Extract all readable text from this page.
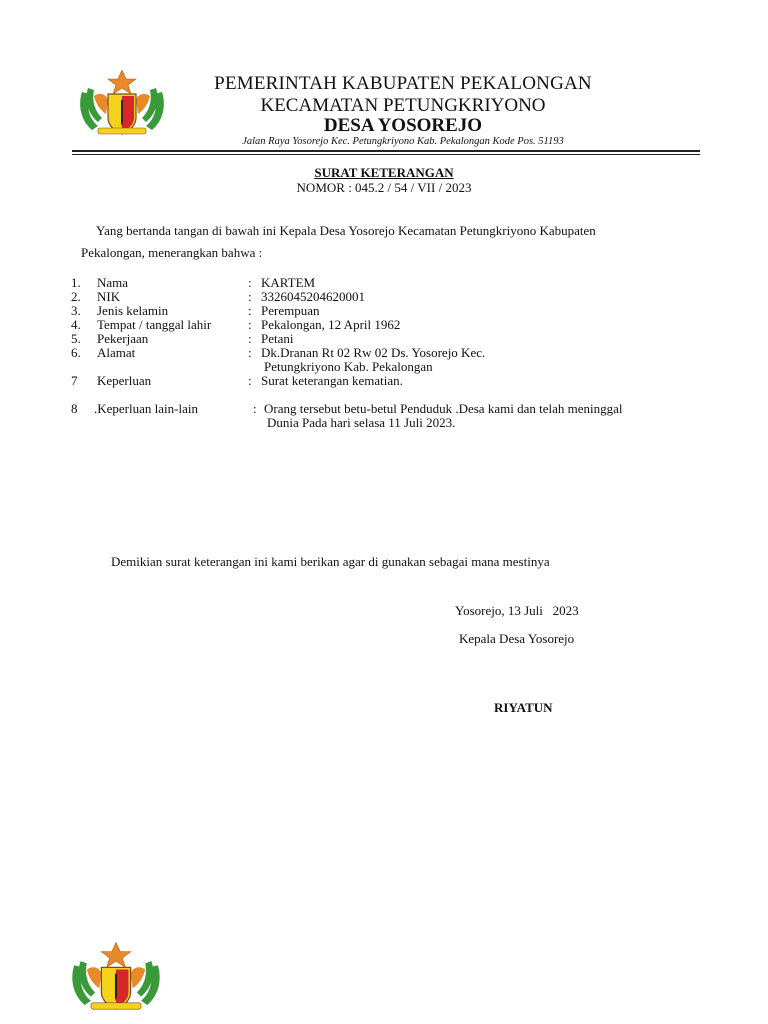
PEMERINTAH KABUPATEN PEKALONGAN
KECAMATAN PETUNGKRIYONO
DESA YOSOREJO
Jalan Raya Yosorejo Kec. Petungkriyono Kab. Pekalongan Kode Pos. 51193
SURAT KETERANGAN
NOMOR : 045.2 / 54 / VII / 2023
Yang bertanda tangan di bawah ini Kepala Desa Yosorejo Kecamatan Petungkriyono Kabupaten
Pekalongan, menerangkan bahwa :
1. Nama	: KARTEM
2. NIK	: 3326045204620001
3. Jenis kelamin	: Perempuan
4. Tempat / tanggal lahir	: Pekalongan, 12 April 1962
5. Pekerjaan	: Petani
6. Alamat	: Dk.Dranan Rt 02 Rw 02 Ds. Yosorejo Kec.
Petungkriyono Kab. Pekalongan
7 Keperluan	: Surat keterangan kematian.
8 .Keperluan lain-lain	: Orang tersebut betu-betul Penduduk .Desa kami dan telah meninggal
Dunia Pada hari selasa 11 Juli 2023.
Demikian surat keterangan ini kami berikan agar di gunakan sebagai mana mestinya
Yosorejo, 13 Juli   2023
Kepala Desa Yosorejo
RIYATUN
